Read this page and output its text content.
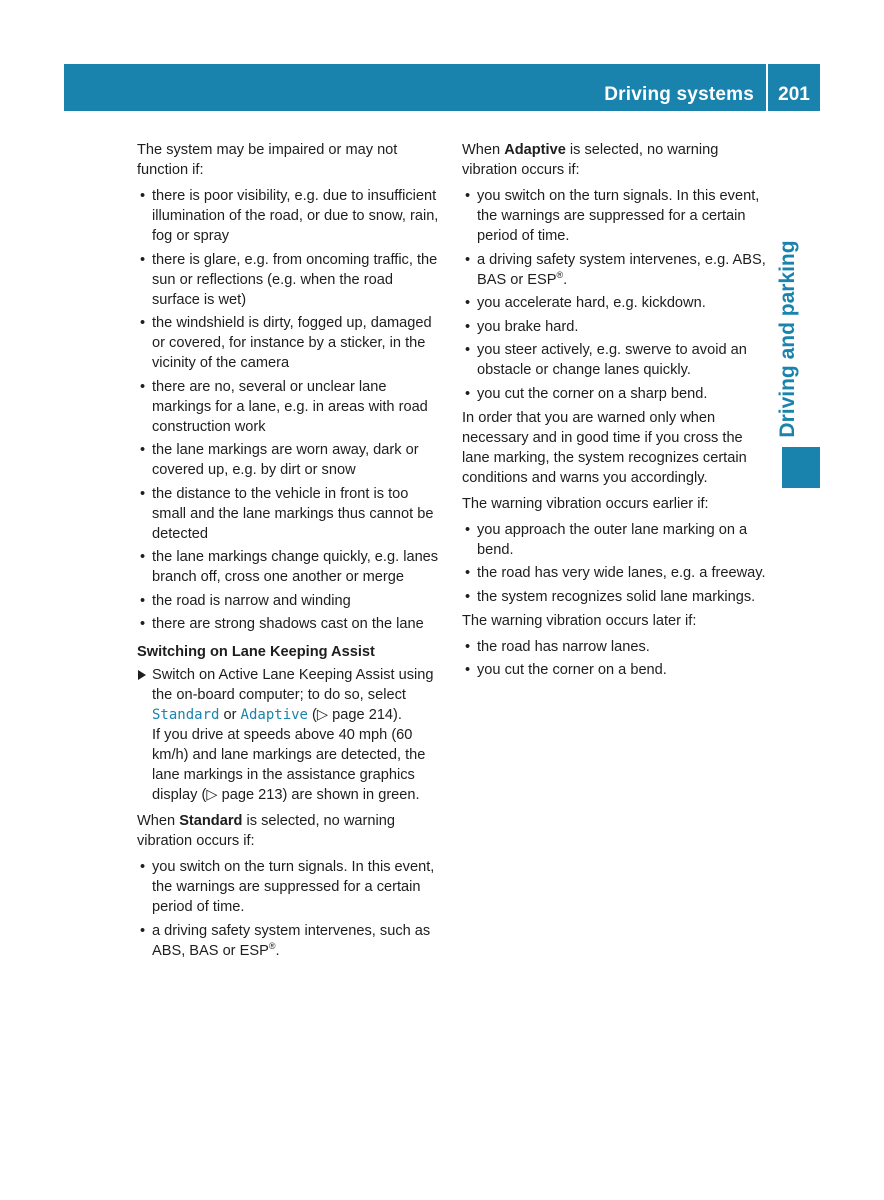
Driving systems	201
Driving and parking

The system may be impaired or may not function if:

• there is poor visibility, e.g. due to insufficient illumination of the road, or due to snow, rain, fog or spray
• there is glare, e.g. from oncoming traffic, the sun or reflections (e.g. when the road surface is wet)
• the windshield is dirty, fogged up, damaged or covered, for instance by a sticker, in the vicinity of the camera
• there are no, several or unclear lane markings for a lane, e.g. in areas with road construction work
• the lane markings are worn away, dark or covered up, e.g. by dirt or snow
• the distance to the vehicle in front is too small and the lane markings thus cannot be detected
• the lane markings change quickly, e.g. lanes branch off, cross one another or merge
• the road is narrow and winding
• there are strong shadows cast on the lane
Switching on Lane Keeping Assist
Switch on Active Lane Keeping Assist using the on-board computer; to do so, select Standard or Adaptive (▷ page 214).
If you drive at speeds above 40 mph (60 km/h) and lane markings are detected, the lane markings in the assistance graphics display (▷ page 213) are shown in green.

When Standard is selected, no warning vibration occurs if:

• you switch on the turn signals. In this event, the warnings are suppressed for a certain period of time.
• a driving safety system intervenes, such as ABS, BAS or ESP®.

When Adaptive is selected, no warning vibration occurs if:

• you switch on the turn signals. In this event, the warnings are suppressed for a certain period of time.
• a driving safety system intervenes, e.g. ABS, BAS or ESP®.
• you accelerate hard, e.g. kickdown.
• you brake hard.
• you steer actively, e.g. swerve to avoid an obstacle or change lanes quickly.
• you cut the corner on a sharp bend.

In order that you are warned only when necessary and in good time if you cross the lane marking, the system recognizes certain conditions and warns you accordingly.

The warning vibration occurs earlier if:

• you approach the outer lane marking on a bend.
• the road has very wide lanes, e.g. a freeway.
• the system recognizes solid lane markings.

The warning vibration occurs later if:

• the road has narrow lanes.
• you cut the corner on a bend.
